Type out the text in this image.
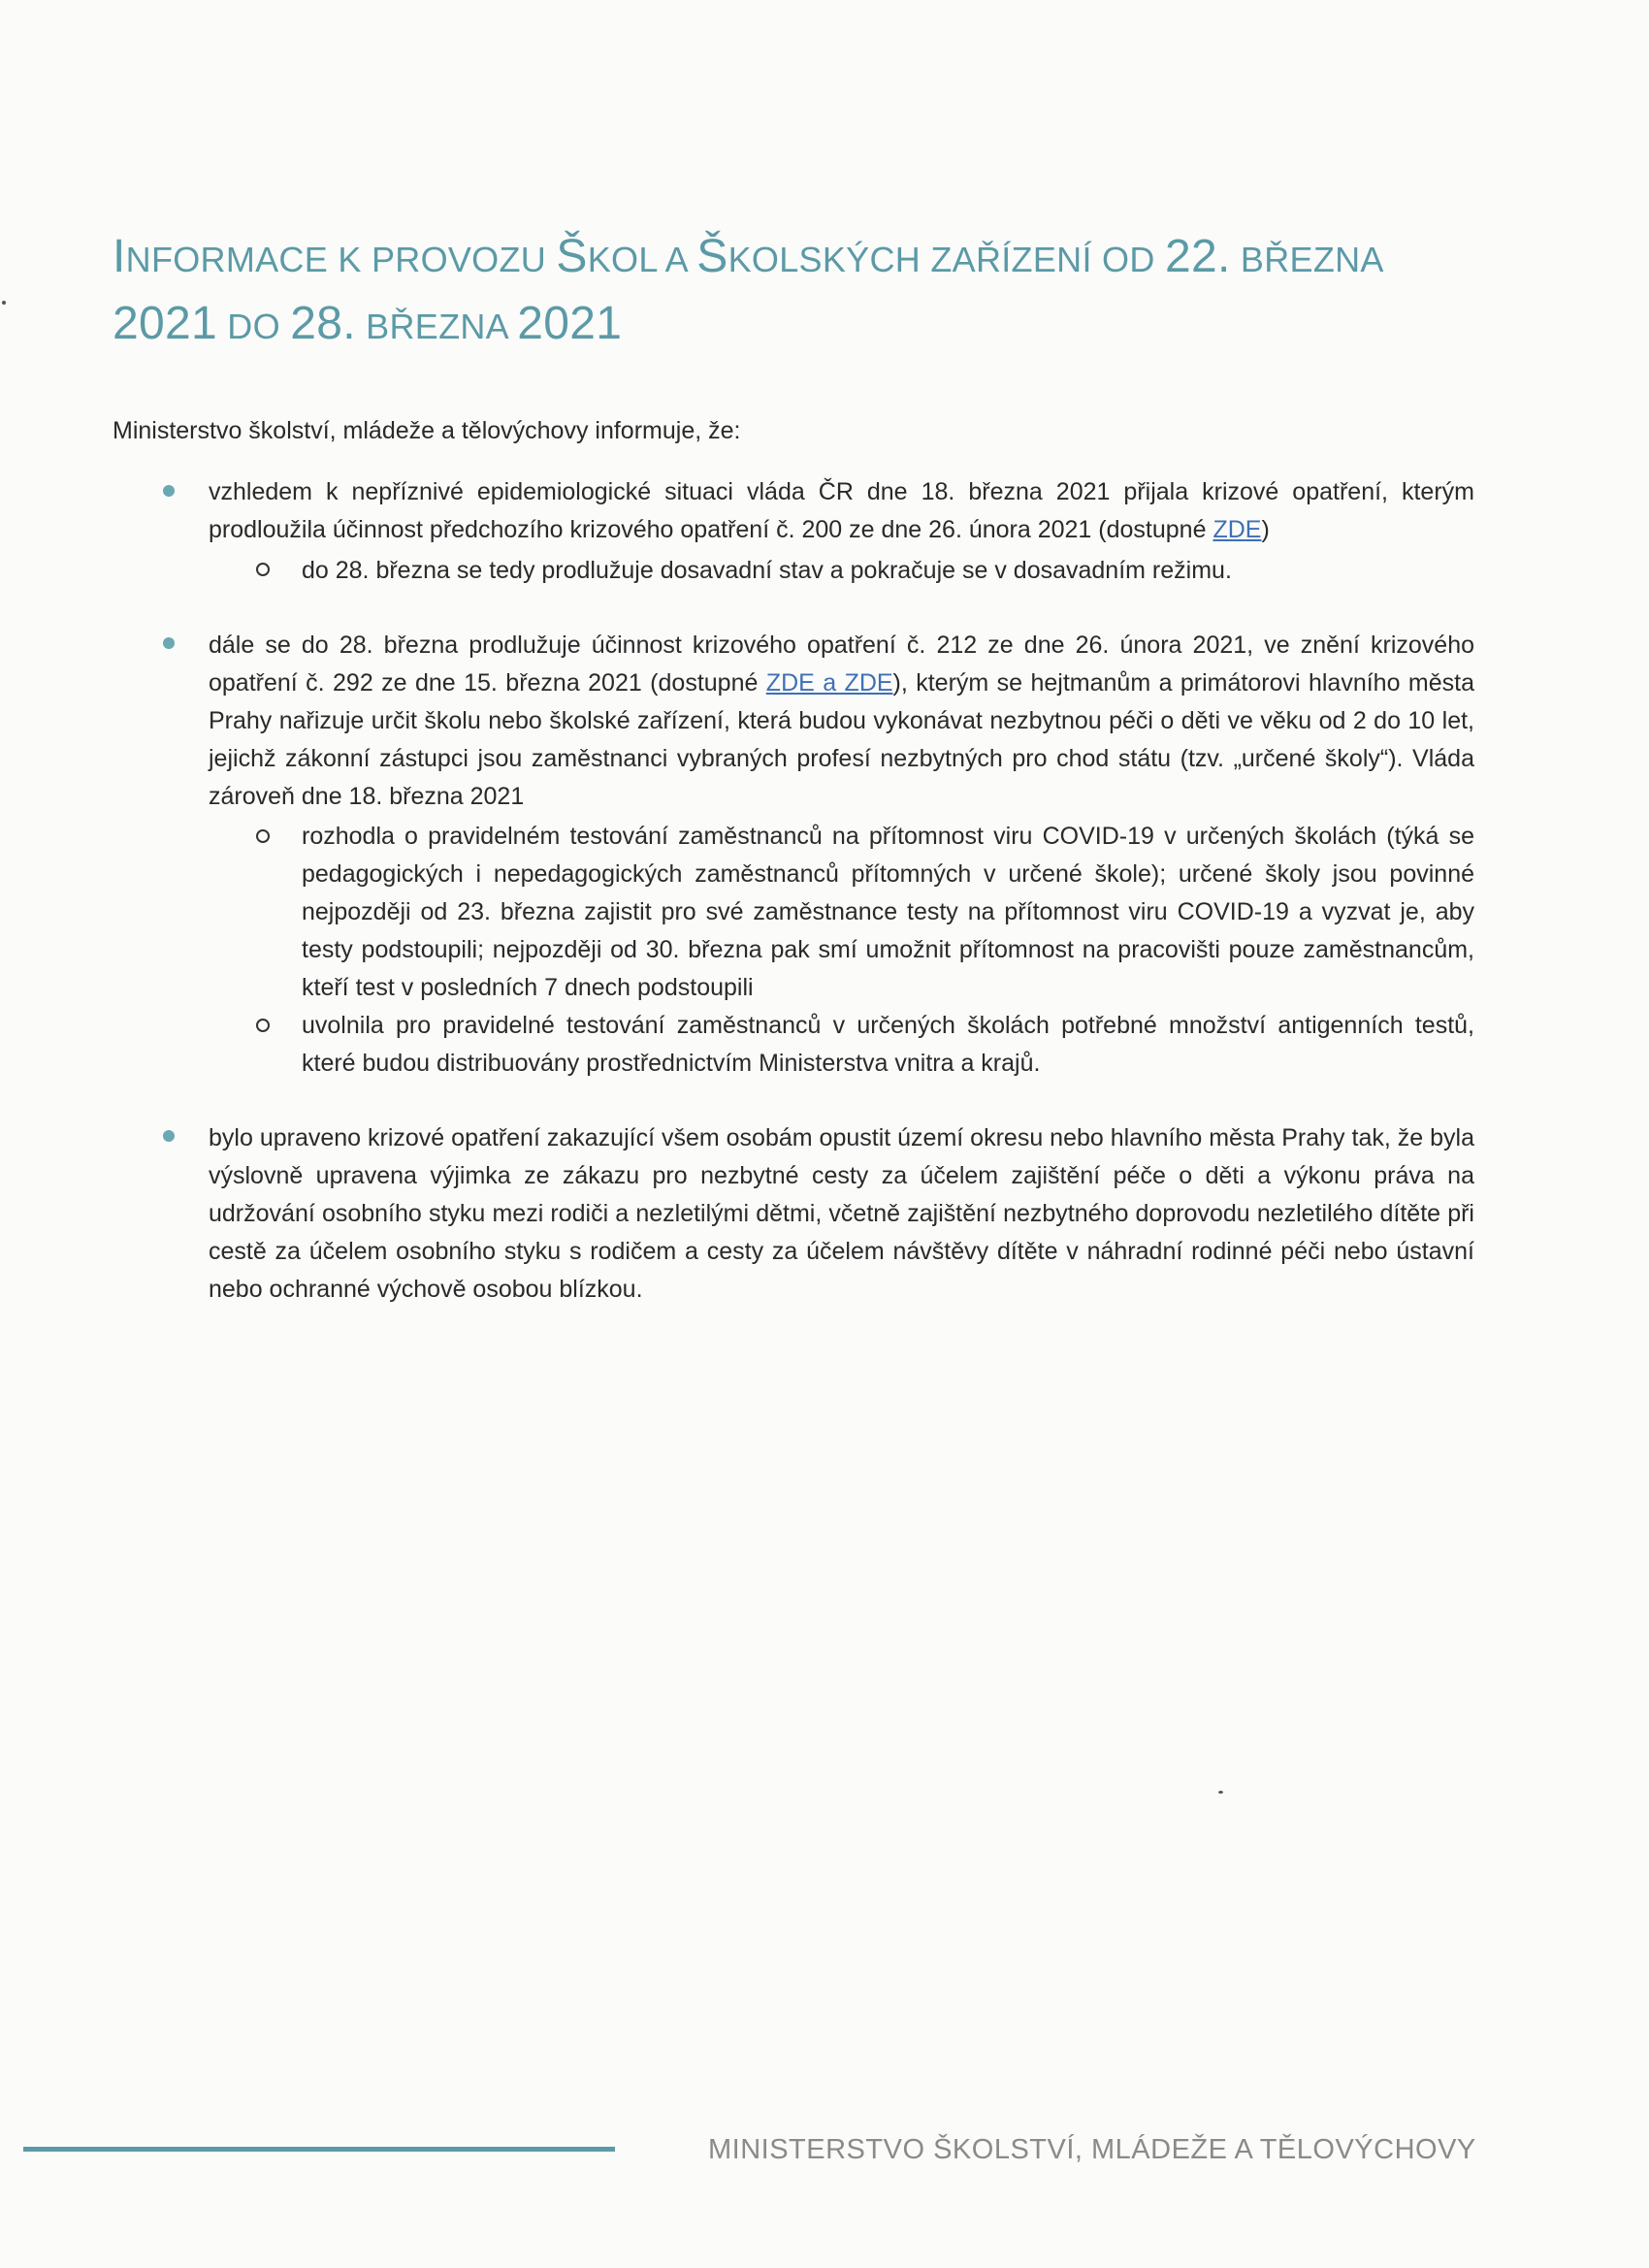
INFORMACE K PROVOZU ŠKOL A ŠKOLSKÝCH ZAŘÍZENÍ OD 22. BŘEZNA
2021 DO 28. BŘEZNA 2021

Ministerstvo školství, mládeže a tělovýchovy informuje, že:

vzhledem k nepříznivé epidemiologické situaci vláda ČR dne 18. března 2021 přijala krizové opatření, kterým prodloužila účinnost předchozího krizového opatření č. 200 ze dne 26. února 2021 (dostupné ZDE)

do 28. března se tedy prodlužuje dosavadní stav a pokračuje se v dosavadním režimu.

dále se do 28. března prodlužuje účinnost krizového opatření č. 212 ze dne 26. února 2021, ve znění krizového opatření č. 292 ze dne 15. března 2021 (dostupné ZDE a ZDE), kterým se hejtmanům a primátorovi hlavního města Prahy nařizuje určit školu nebo školské zařízení, která budou vykonávat nezbytnou péči o děti ve věku od 2 do 10 let, jejichž zákonní zástupci jsou zaměstnanci vybraných profesí nezbytných pro chod státu (tzv. „určené školy“). Vláda zároveň dne 18. března 2021

rozhodla o pravidelném testování zaměstnanců na přítomnost viru COVID-19 v určených školách (týká se pedagogických i nepedagogických zaměstnanců přítomných v určené škole); určené školy jsou povinné nejpozději od 23. března zajistit pro své zaměstnance testy na přítomnost viru COVID-19 a vyzvat je, aby testy podstoupili; nejpozději od 30. března pak smí umožnit přítomnost na pracovišti pouze zaměstnancům, kteří test v posledních 7 dnech podstoupili

uvolnila pro pravidelné testování zaměstnanců v určených školách potřebné množství antigenních testů, které budou distribuovány prostřednictvím Ministerstva vnitra a krajů.

bylo upraveno krizové opatření zakazující všem osobám opustit území okresu nebo hlavního města Prahy tak, že byla výslovně upravena výjimka ze zákazu pro nezbytné cesty za účelem zajištění péče o děti a výkonu práva na udržování osobního styku mezi rodiči a nezletilými dětmi, včetně zajištění nezbytného doprovodu nezletilého dítěte při cestě za účelem osobního styku s rodičem a cesty za účelem návštěvy dítěte v náhradní rodinné péči nebo ústavní nebo ochranné výchově osobou blízkou.

MINISTERSTVO ŠKOLSTVÍ, MLÁDEŽE A TĚLOVÝCHOVY
